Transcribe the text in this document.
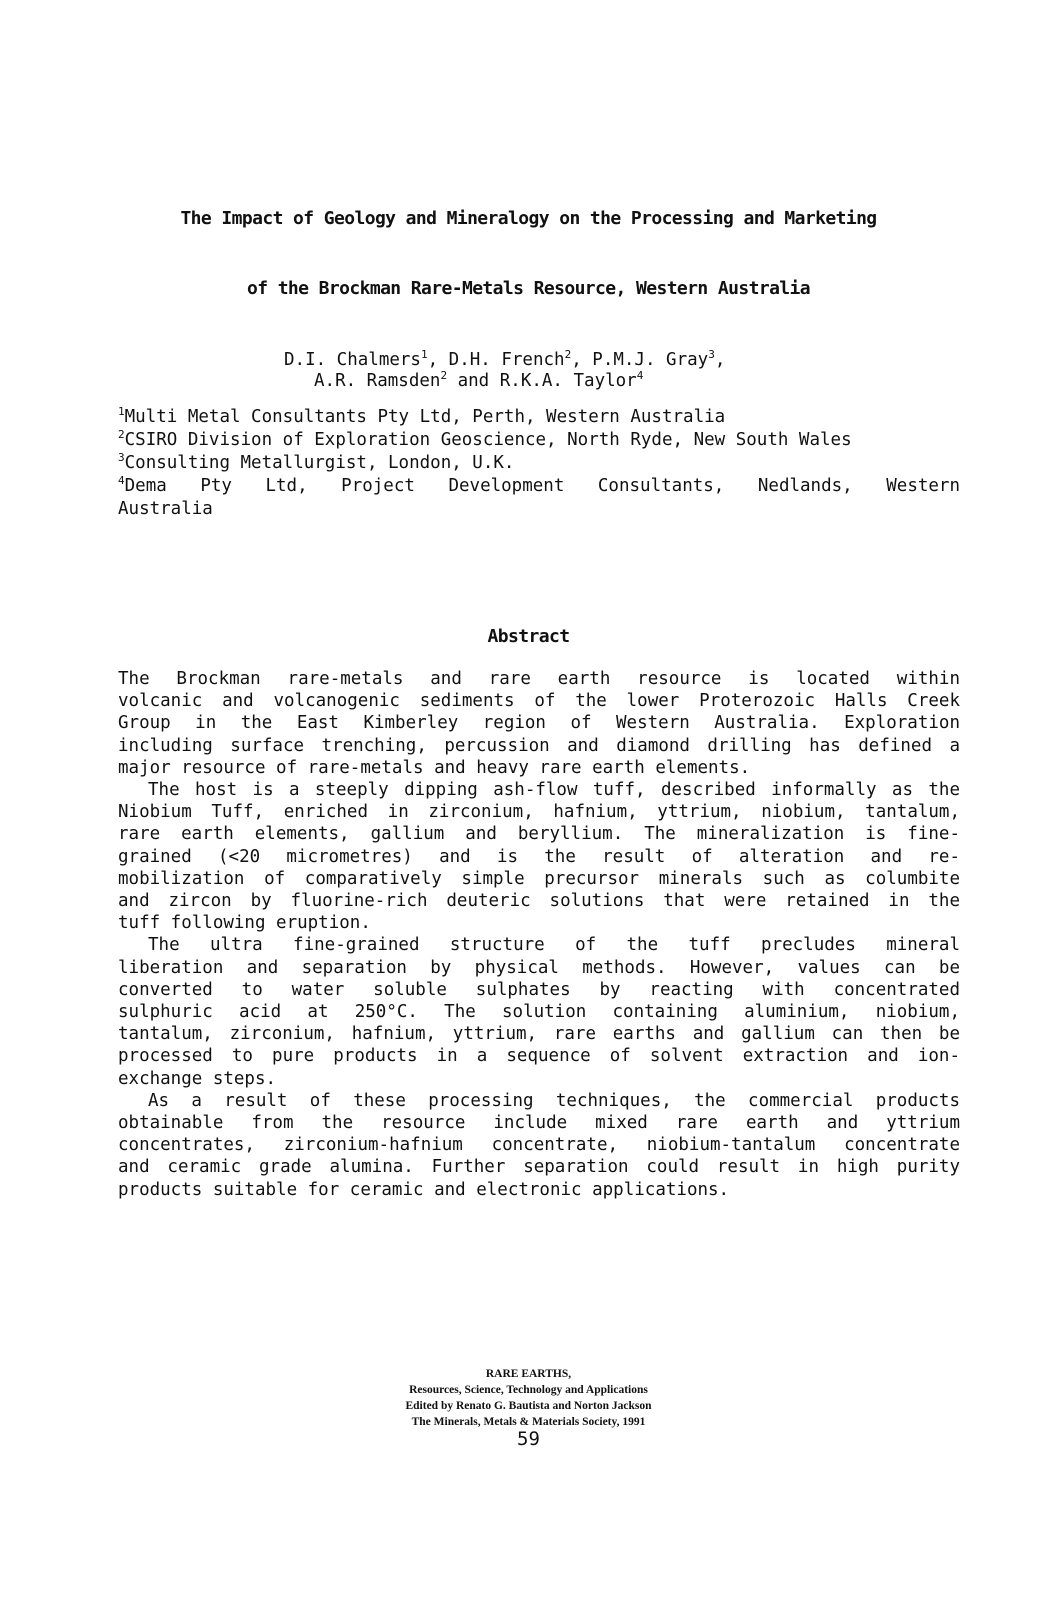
The Impact of Geology and Mineralogy on the Processing and Marketing
of the Brockman Rare-Metals Resource, Western Australia
D.I. Chalmers$^1$, D.H. French$^2$, P.M.J. Gray$^3$,
A.R. Ramsden$^2$ and R.K.A. Taylor$^4$
$^1$Multi Metal Consultants Pty Ltd, Perth, Western Australia
$^2$CSIRO Division of Exploration Geoscience, North Ryde, New South Wales
$^3$Consulting Metallurgist, London, U.K.
$^4$Dema Pty Ltd, Project Development Consultants, Nedlands, Western
Australia
Abstract

The Brockman rare-metals and rare earth resource is located within
volcanic and volcanogenic sediments of the lower Proterozoic Halls Creek
Group in the East Kimberley region of Western Australia. Exploration
including surface trenching, percussion and diamond drilling has defined a
major resource of rare-metals and heavy rare earth elements.

The host is a steeply dipping ash-flow tuff, described informally as the
Niobium Tuff, enriched in zirconium, hafnium, yttrium, niobium, tantalum,
rare earth elements, gallium and beryllium. The mineralization is fine-
grained (<20 micrometres) and is the result of alteration and re-
mobilization of comparatively simple precursor minerals such as columbite
and zircon by fluorine-rich deuteric solutions that were retained in the
tuff following eruption.

The ultra fine-grained structure of the tuff precludes mineral
liberation and separation by physical methods. However, values can be
converted to water soluble sulphates by reacting with concentrated
sulphuric acid at 250°C. The solution containing aluminium, niobium,
tantalum, zirconium, hafnium, yttrium, rare earths and gallium can then be
processed to pure products in a sequence of solvent extraction and ion-
exchange steps.

As a result of these processing techniques, the commercial products
obtainable from the resource include mixed rare earth and yttrium
concentrates, zirconium-hafnium concentrate, niobium-tantalum concentrate
and ceramic grade alumina. Further separation could result in high purity
products suitable for ceramic and electronic applications.

RARE EARTHS,
Resources, Science, Technology and Applications
Edited by Renato G. Bautista and Norton Jackson
The Minerals, Metals & Materials Society, 1991
59
